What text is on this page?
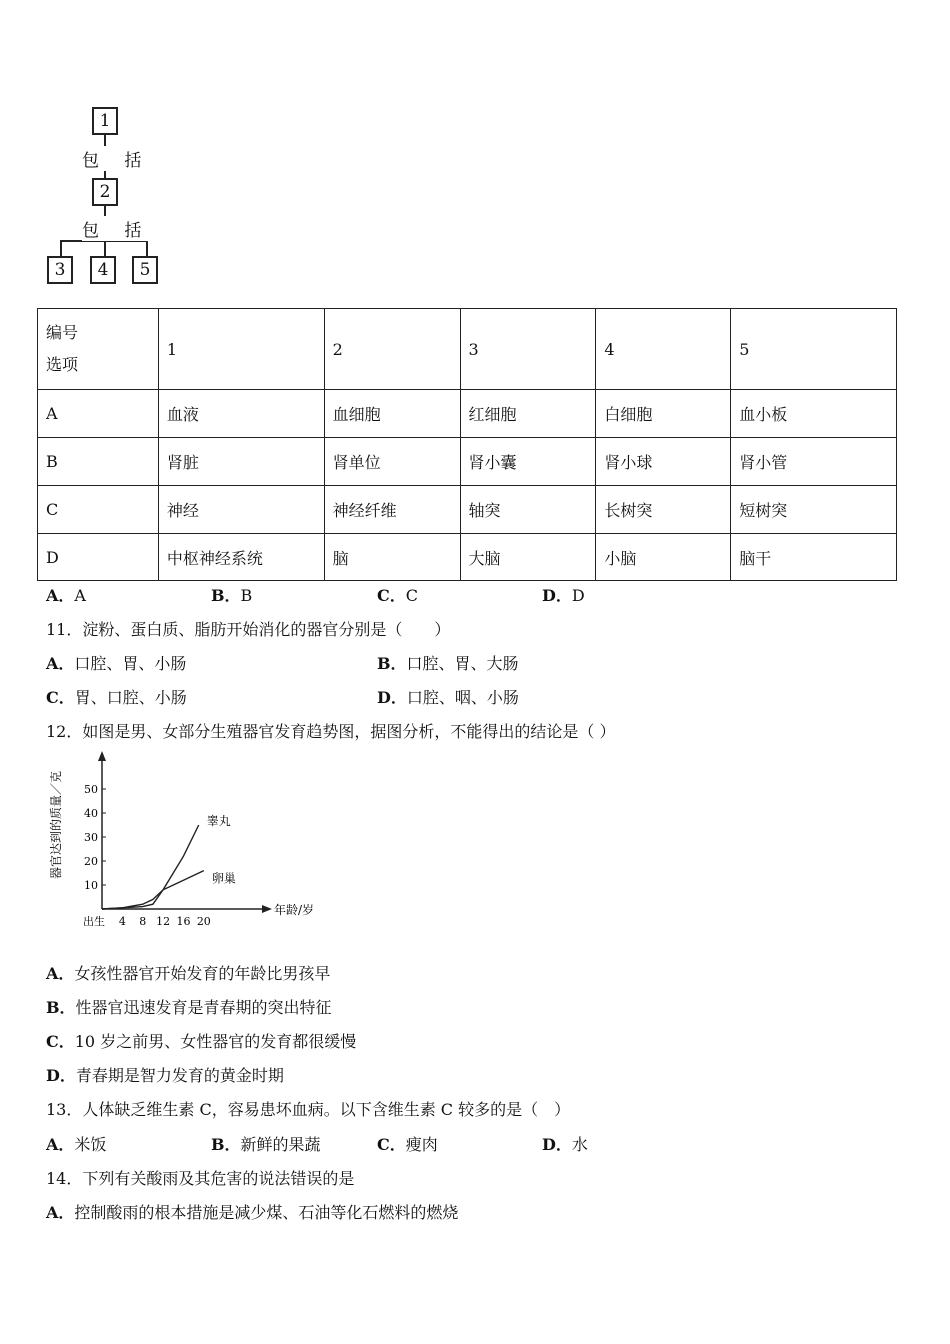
1
包 括
2
包 括
3	4	5
编号
选项	1	2	3	4	5
A	血液	血细胞	红细胞	白细胞	血小板
B	肾脏	肾单位	肾小囊	肾小球	肾小管
C	神经	神经纤维	轴突	长树突	短树突
D	中枢神经系统	脑	大脑	小脑	脑干
A．A	B．B	C．C	D．D
11．淀粉、蛋白质、脂肪开始消化的器官分别是（　　）
A．口腔、胃、小肠	B．口腔、胃、大肠
C．胃、口腔、小肠	D．口腔、咽、小肠
12．如图是男、女部分生殖器官发育趋势图，据图分析，不能得出的结论是（ ）
10
20
30
40
50
出生 4 8 12 16 20
年龄/岁
器官达到的质量／克	睾丸
卵巢
A．女孩性器官开始发育的年龄比男孩早
B．性器官迅速发育是青春期的突出特征
C．10 岁之前男、女性器官的发育都很缓慢
D．青春期是智力发育的黄金时期
13．人体缺乏维生素 C，容易患坏血病。以下含维生素 C 较多的是（　）
A．米饭	B．新鲜的果蔬	C．瘦肉	D．水
14．下列有关酸雨及其危害的说法错误的是
A．控制酸雨的根本措施是减少煤、石油等化石燃料的燃烧
